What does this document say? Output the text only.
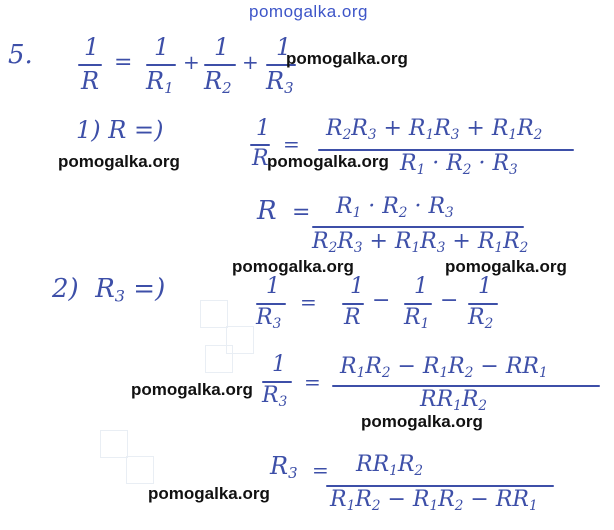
pomogalka.org
5. 1
R
=
1
$R_1$
+
1
$R_2$
+
1
$R_3$
1) R =)	1
R
=
$R_2R_3 + R_1R_3 + R_1R_2$
$R_1 \cdot R_2 \cdot R_3$
$R = R_1 \cdot R_2 \cdot R_3$
$R_2R_3 + R_1R_3 + R_1R_2$
2)  $R_3$ =)	1
$R_3$
=
1
R
−
1
$R_1$
−
1
$R_2$
1
$R_3$
=
$R_1R_2 - R_1R_2 - RR_1$
$RR_1R_2$
$R_3 = RR_1R_2$
$R_1R_2 - R_1R_2 - RR_1$
pomogalka.org
pomogalka.org	pomogalka.org
pomogalka.org	pomogalka.org
pomogalka.org
pomogalka.org
pomogalka.org
